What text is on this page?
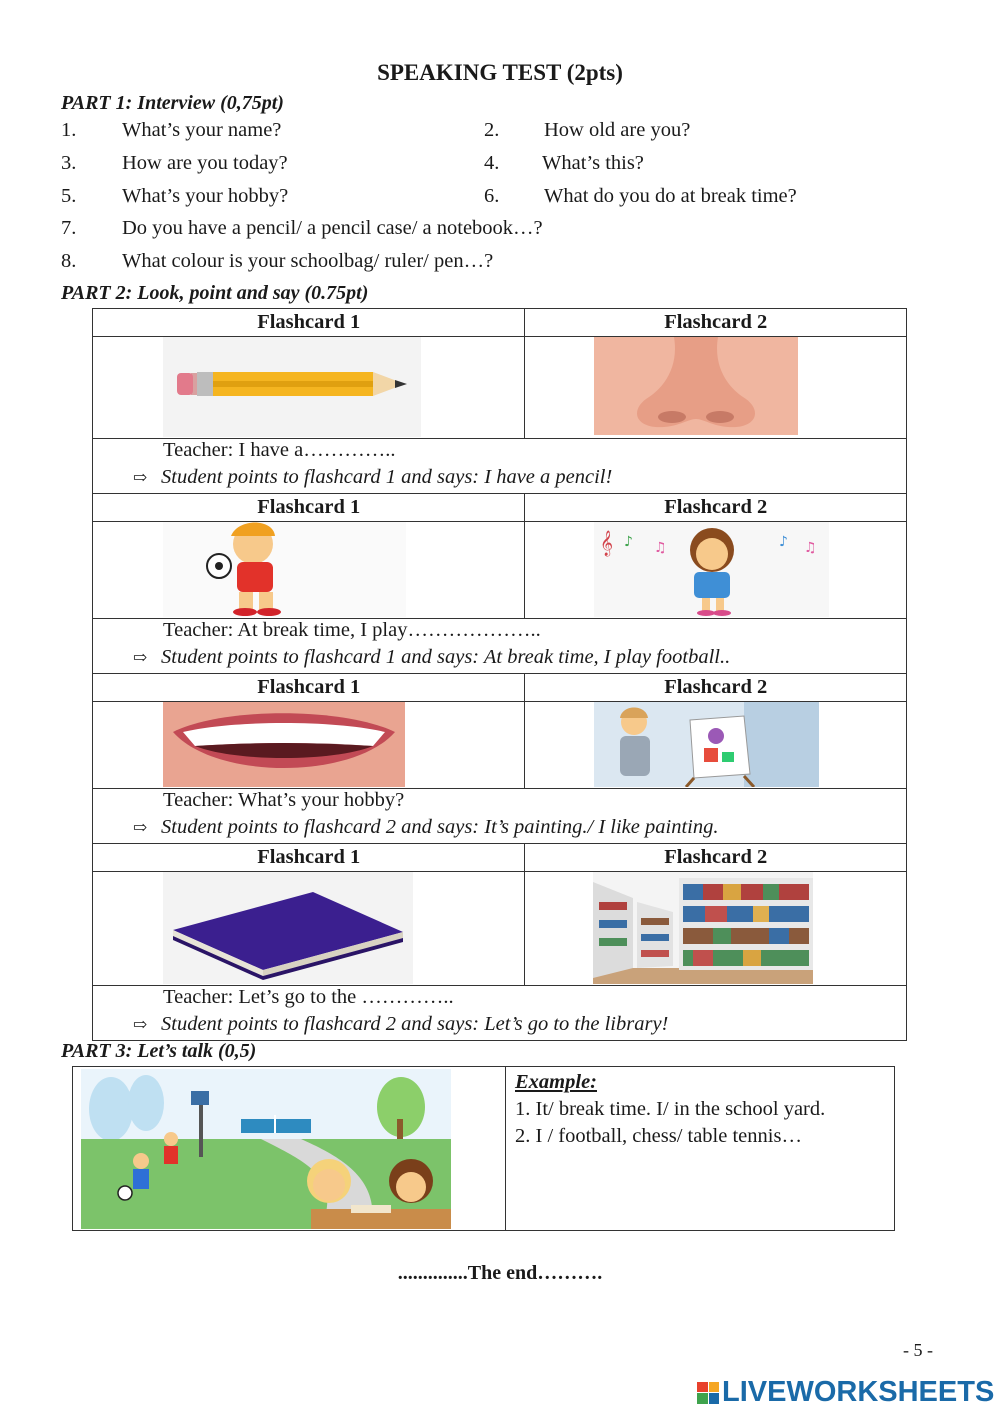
SPEAKING TEST (2pts)
PART 1: Interview (0,75pt)
1. What’s your name?	2. How old are you?
3. How are you today?	4. What’s this?
5. What’s your hobby?	6. What do you do at break time?
7. Do you have a pencil/ a pencil case/ a notebook…?
8. What colour is your schoolbag/ ruler/ pen…?
PART 2: Look, point and say (0.75pt)
Flashcard 1	Flashcard 2

Teacher: I have a…………..
⇨ Student points to flashcard 1 and says: I have a pencil!	

Flashcard 1	Flashcard 2

𝄞 ♪ ♫ ♪ ♫

Teacher: At break time, I play………………..
⇨ Student points to flashcard 1 and says: At break time, I play football..	

Flashcard 1	Flashcard 2

Teacher: What’s your hobby?
⇨ Student points to flashcard 2 and says: It’s painting./ I like painting.	

Flashcard 1	Flashcard 2

Teacher: Let’s go to the …………..
⇨ Student points to flashcard 2 and says: Let’s go to the library!	
PART 3: Let’s talk (0,5)
Example:
1. It/ break time. I/ in the school yard.
2. I / football, chess/ table tennis…
..............The end……….
- 5 -
LIVEWORKSHEETS
